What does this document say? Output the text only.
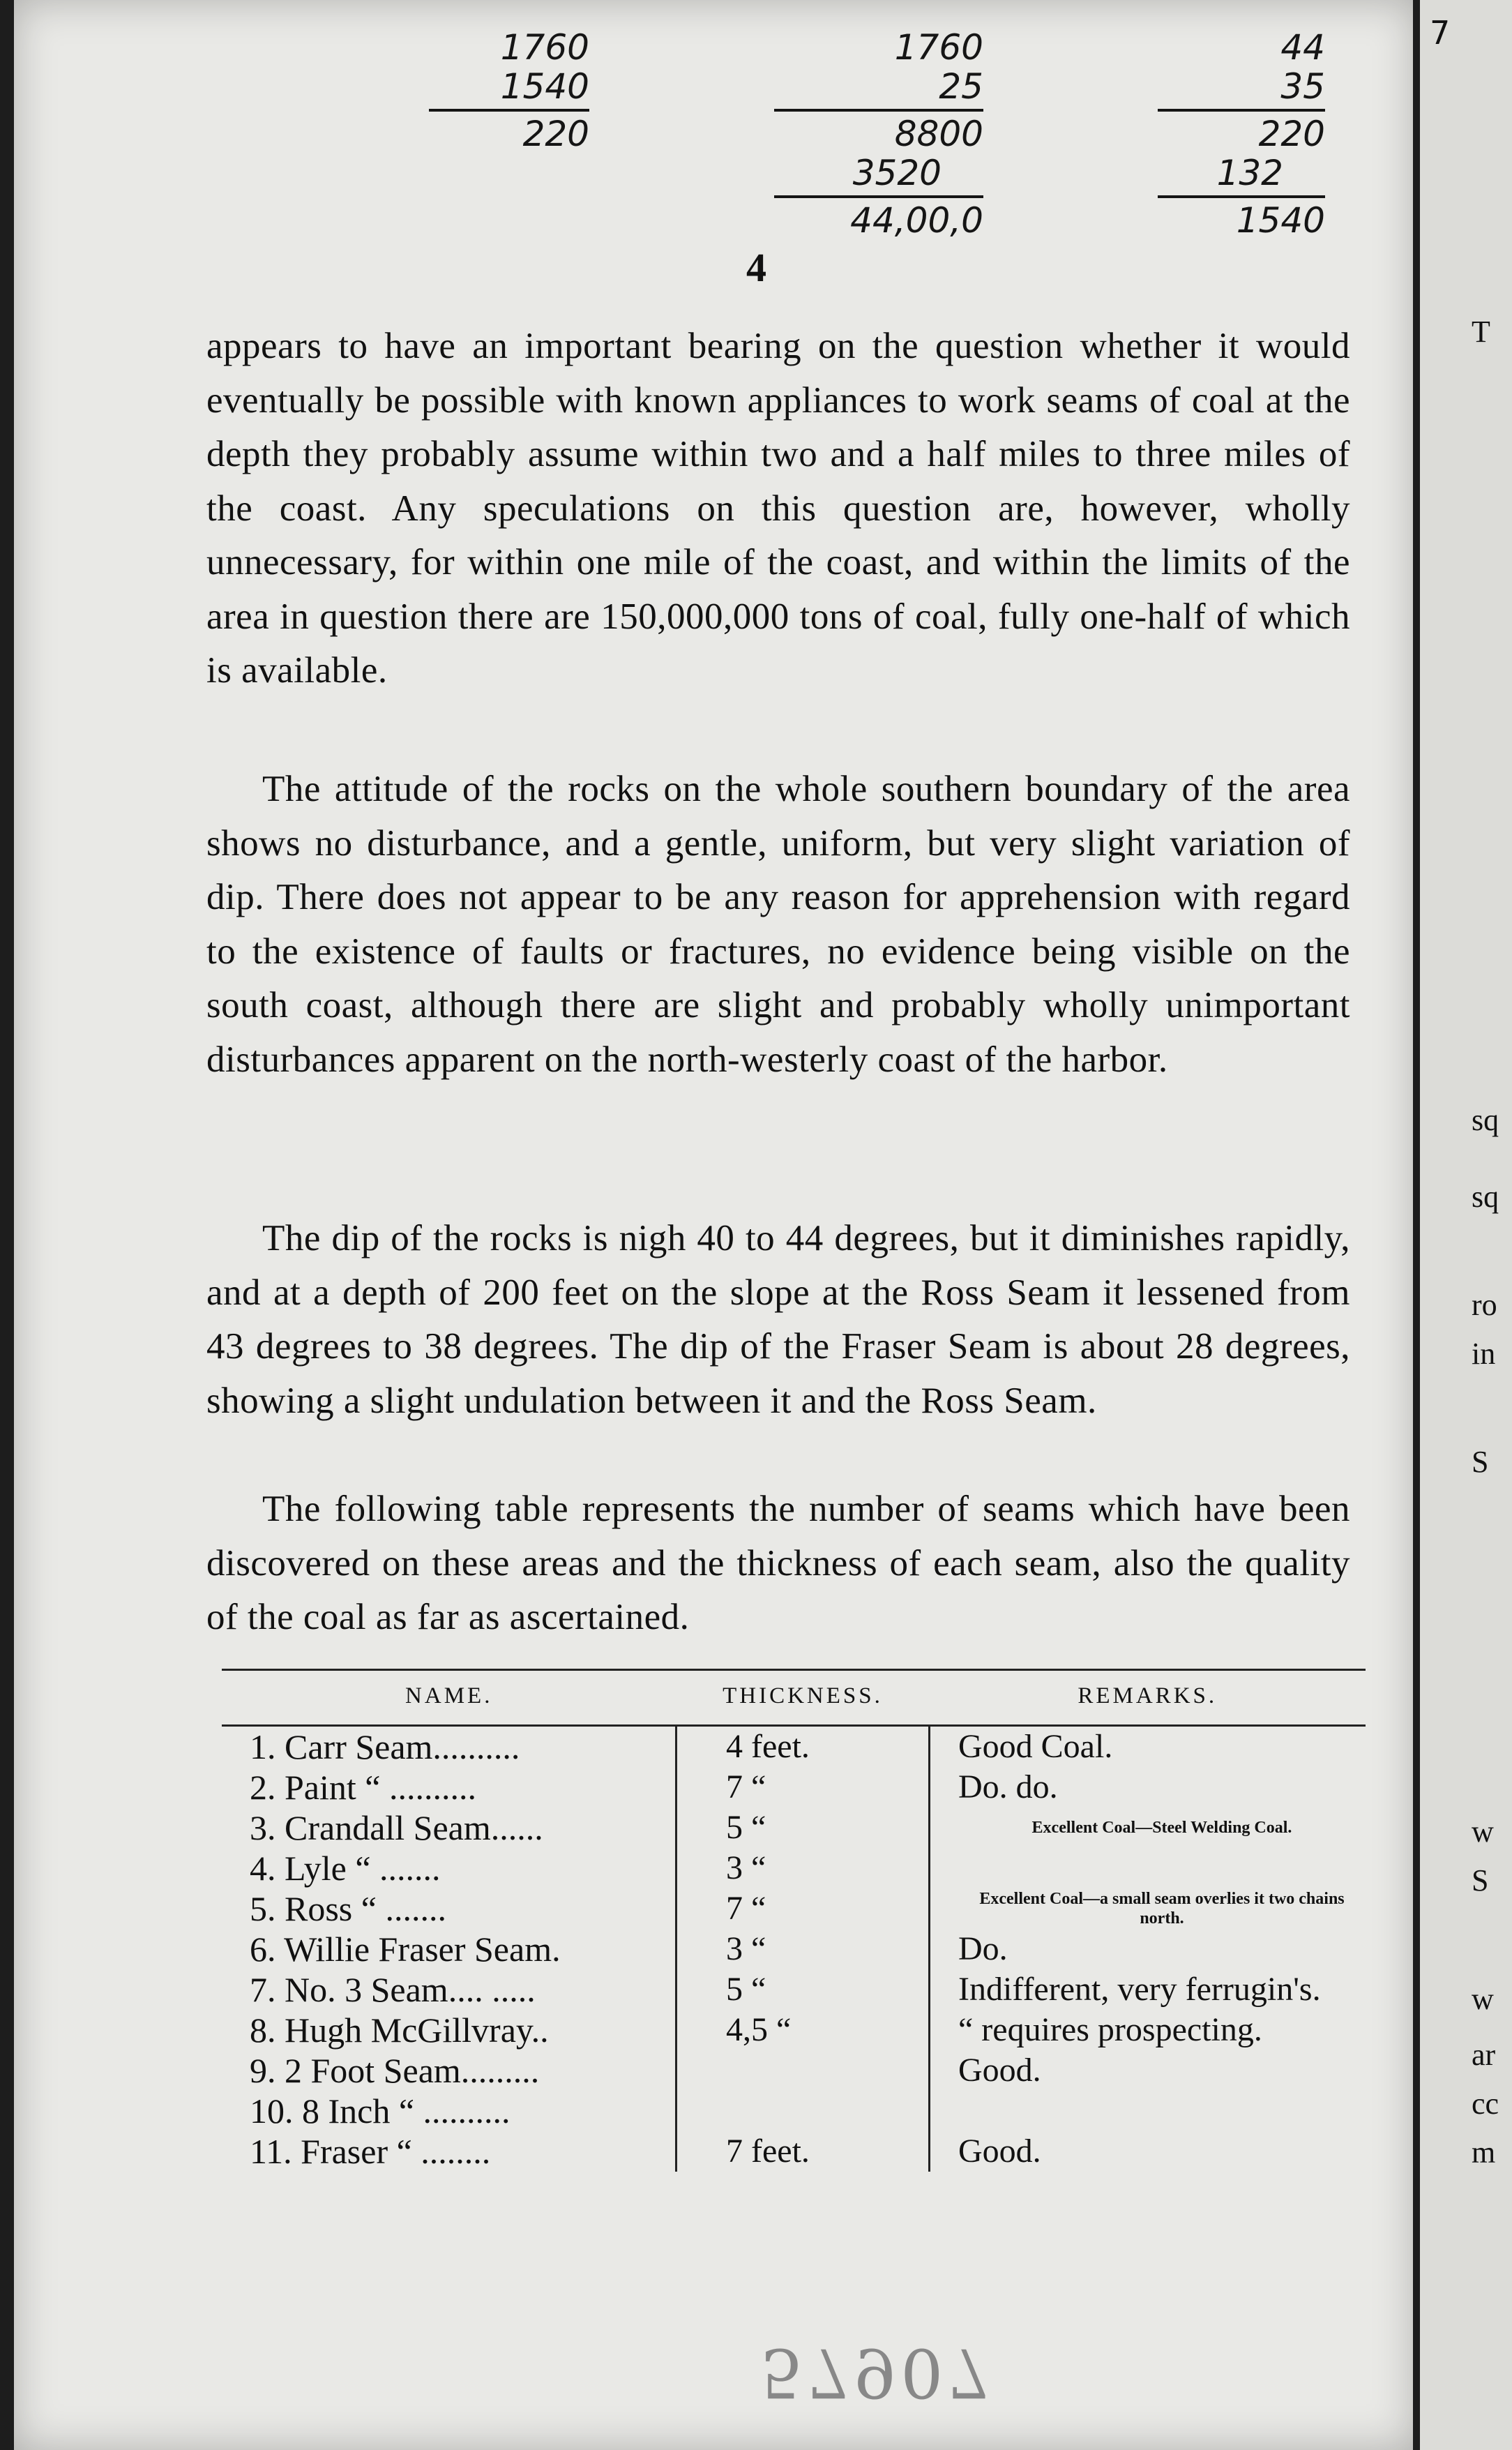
7
1760
1540
220
1760
25
8800
3520
44,00,0
44
35
220
132
1540
4
appears to have an important bearing on the question whether it would eventually be possible with known appliances to work seams of coal at the depth they probably assume within two and a half miles to three miles of the coast. Any speculations on this question are, however, wholly unnecessary, for within one mile of the coast, and within the limits of the area in question there are 150,000,000 tons of coal, fully one-half of which is available.
The attitude of the rocks on the whole southern boundary of the area shows no disturbance, and a gentle, uniform, but very slight variation of dip. There does not appear to be any reason for apprehension with regard to the existence of faults or fractures, no evidence being visible on the south coast, although there are slight and probably wholly unimportant disturbances apparent on the north-westerly coast of the harbor.
The dip of the rocks is nigh 40 to 44 degrees, but it diminishes rapidly, and at a depth of 200 feet on the slope at the Ross Seam it lessened from 43 degrees to 38 degrees. The dip of the Fraser Seam is about 28 degrees, showing a slight undulation between it and the Ross Seam.
The following table represents the number of seams which have been discovered on these areas and the thickness of each seam, also the quality of the coal as far as ascertained.
NAME.	THICKNESS.	REMARKS.
1. Carr Seam..........	4 feet.	Good Coal.
2. Paint “ ..........	7 “	Do. do.
3. Crandall Seam......	5 “	Excellent Coal—Steel Welding Coal.
4. Lyle “ .......	3 “	
5. Ross “ .......	7 “	Excellent Coal—a small seam overlies it two chains north.
6. Willie Fraser Seam.	3 “	Do.
7. No. 3 Seam.... .....	5 “	Indifferent, very ferrugin's.
8. Hugh McGillvray..	4,5 “	“ requires prospecting.
9. 2 Foot Seam.........		Good.
10. 8 Inch “ ..........		
11. Fraser “ ........	7 feet.	Good.
57907
T
sq
sq
ro
in
S
w
S
w
ar
cc
m
